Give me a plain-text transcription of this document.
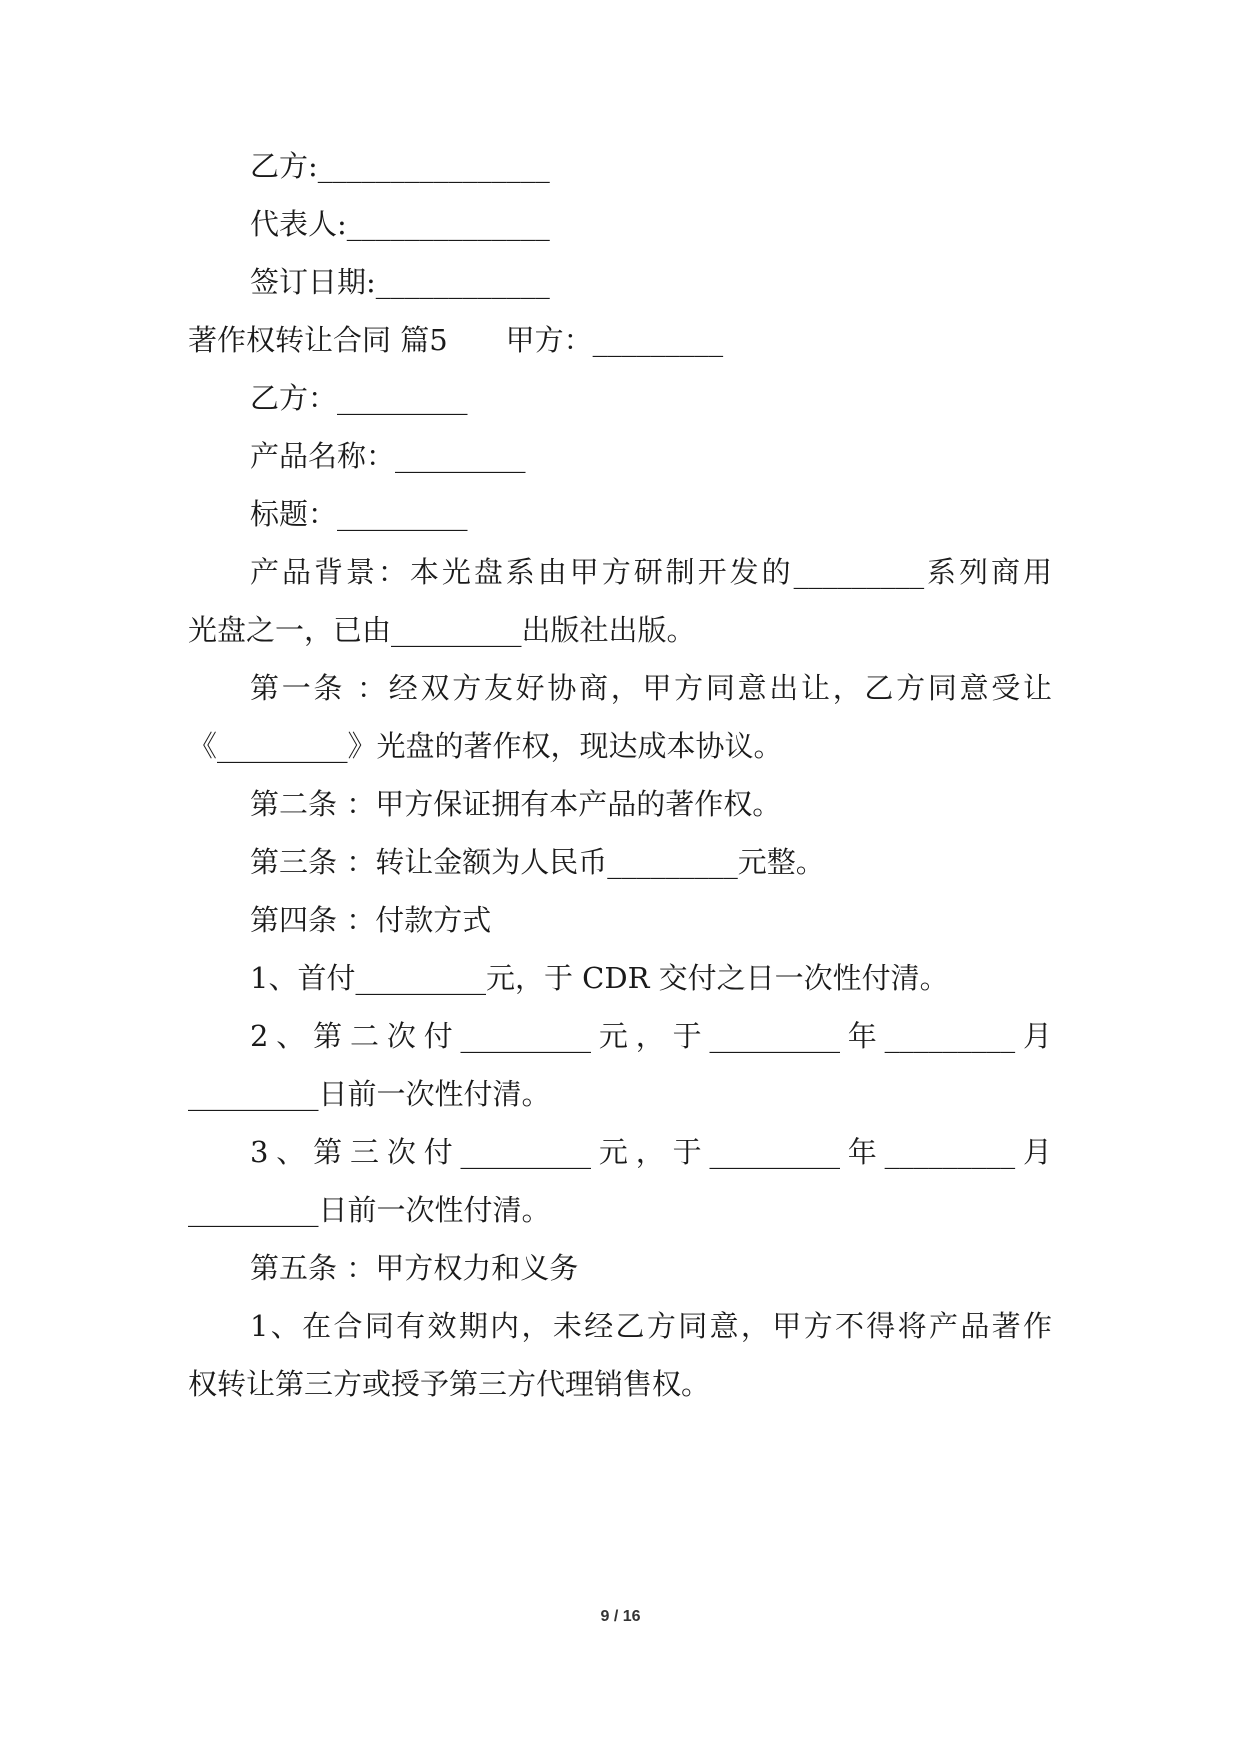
乙方:________________
代表人:______________
签订日期:____________
著作权转让合同 篇5　　甲方：_________
乙方：_________
产品名称：_________
标题：_________
产品背景：本光盘系由甲方研制开发的_________系列商用
光盘之一，已由_________出版社出版。
第一条 ：经双方友好协商，甲方同意出让，乙方同意受让
《_________》光盘的著作权，现达成本协议。
第二条 ：甲方保证拥有本产品的著作权。
第三条 ：转让金额为人民币_________元整。
第四条 ：付款方式
1、首付_________元，于 CDR 交付之日一次性付清。
2、第二次付_________元，于_________年_________月
_________日前一次性付清。
3、第三次付_________元，于_________年_________月
_________日前一次性付清。
第五条 ：甲方权力和义务
1、在合同有效期内，未经乙方同意，甲方不得将产品著作
权转让第三方或授予第三方代理销售权。
9 / 16
